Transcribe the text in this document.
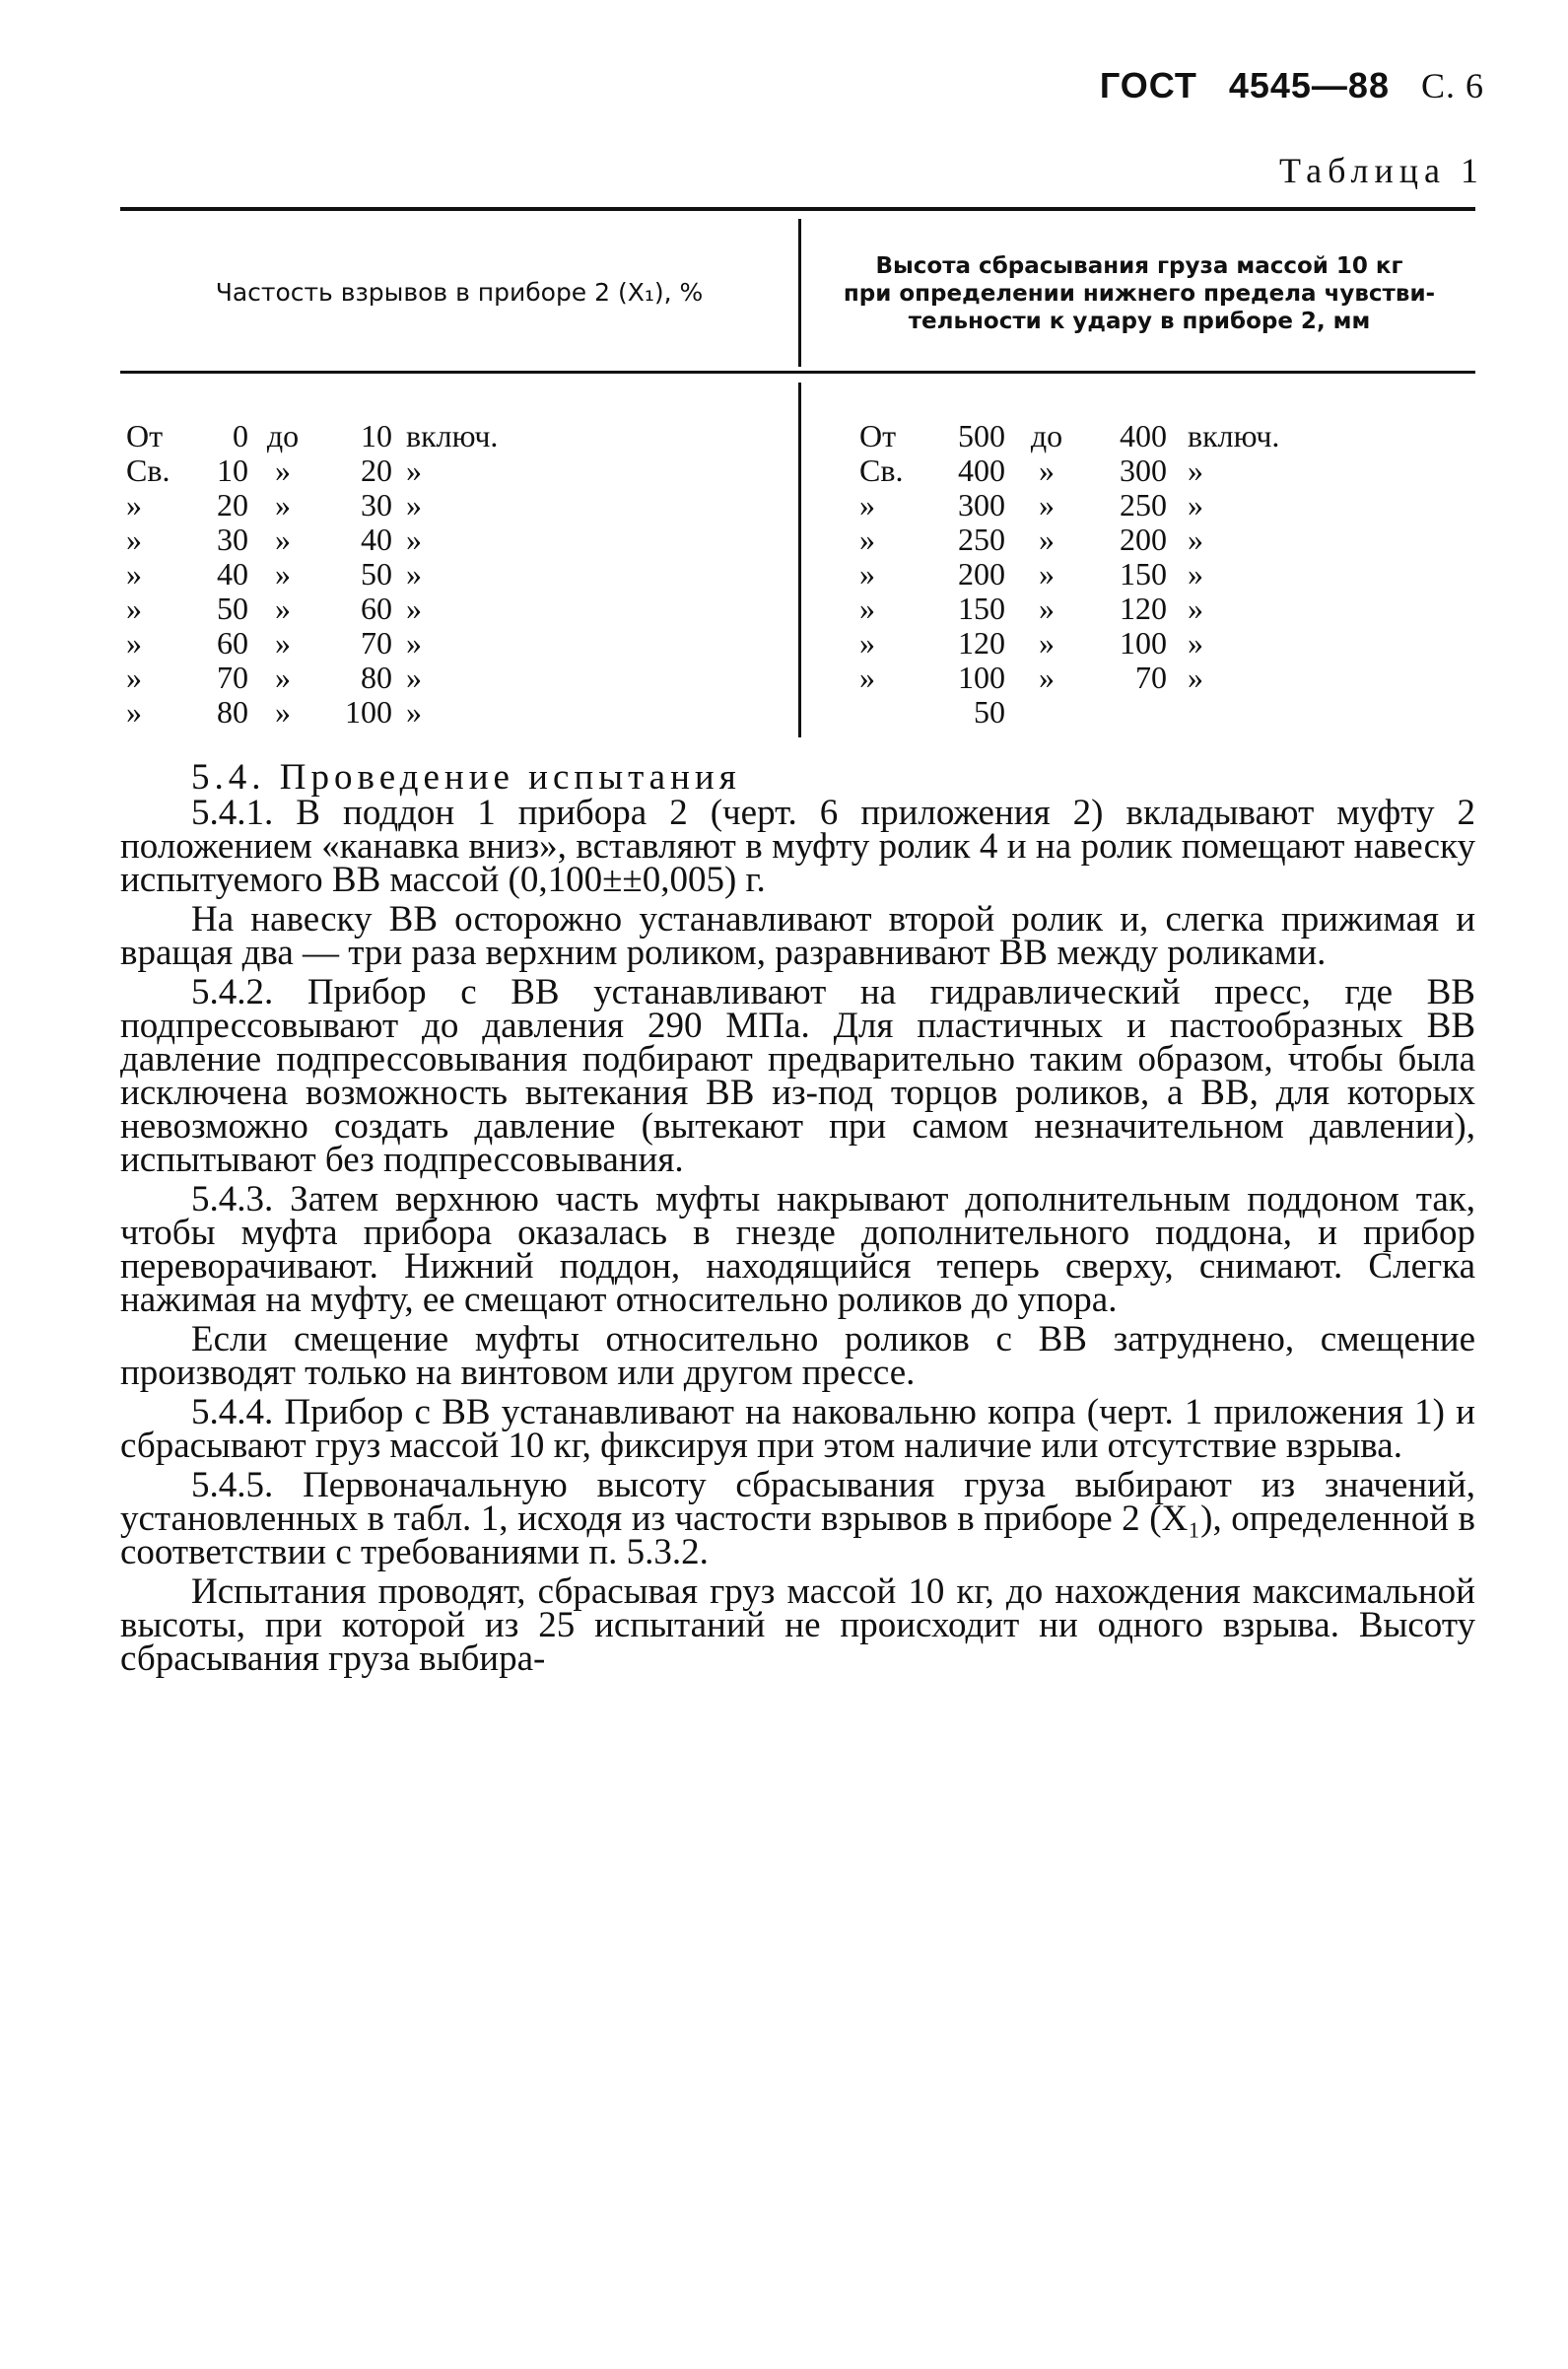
ГОСТ 4545—88 С. 6
Таблица 1
Частость взрывов в приборе 2 (X₁), %
Высота сбрасывания груза массой 10 кг
при определении нижнего предела чувстви-
тельности к удару в приборе 2, мм
От	0 до	10 включ.	От	500 до	400 включ.
Св.	10 »	20 »	Св.	400	»	300 »
»	20 »	30 »	»	300	»	250 »
»	30 »	40 »	»	250	»	200 »
»	40 »	50 »	»	200	»	150 »
»	50 »	60 »	»	150	»	120 »
»	60 »	70 »	»	120	»	100 »
»	70 »	80 »	»	100	»	70 »
»	80 »	100 »	50

5.4. Проведение испытания

5.4.1. В поддон 1 прибора 2 (черт. 6 приложения 2) вкладывают муфту 2 положением «канавка вниз», вставляют в муфту ролик 4 и на ролик помещают навеску испытуемого ВВ массой (0,100±±0,005) г.

На навеску ВВ осторожно устанавливают второй ролик и, слегка прижимая и вращая два — три раза верхним роликом, разравнивают ВВ между роликами.

5.4.2. Прибор с ВВ устанавливают на гидравлический пресс, где ВВ подпрессовывают до давления 290 МПа. Для пластичных и пастообразных ВВ давление подпрессовывания подбирают предварительно таким образом, чтобы была исключена возможность вытекания ВВ из-под торцов роликов, а ВВ, для которых невозможно создать давление (вытекают при самом незначительном давлении), испытывают без подпрессовывания.

5.4.3. Затем верхнюю часть муфты накрывают дополнительным поддоном так, чтобы муфта прибора оказалась в гнезде дополнительного поддона, и прибор переворачивают. Нижний поддон, находящийся теперь сверху, снимают. Слегка нажимая на муфту, ее смещают относительно роликов до упора.

Если смещение муфты относительно роликов с ВВ затруднено, смещение производят только на винтовом или другом прессе.

5.4.4. Прибор с ВВ устанавливают на наковальню копра (черт. 1 приложения 1) и сбрасывают груз массой 10 кг, фиксируя при этом наличие или отсутствие взрыва.

5.4.5. Первоначальную высоту сбрасывания груза выбирают из значений, установленных в табл. 1, исходя из частости взрывов в приборе 2 (X₁), определенной в соответствии с требованиями п. 5.3.2.

Испытания проводят, сбрасывая груз массой 10 кг, до нахождения максимальной высоты, при которой из 25 испытаний не происходит ни одного взрыва. Высоту сбрасывания груза выбира-
